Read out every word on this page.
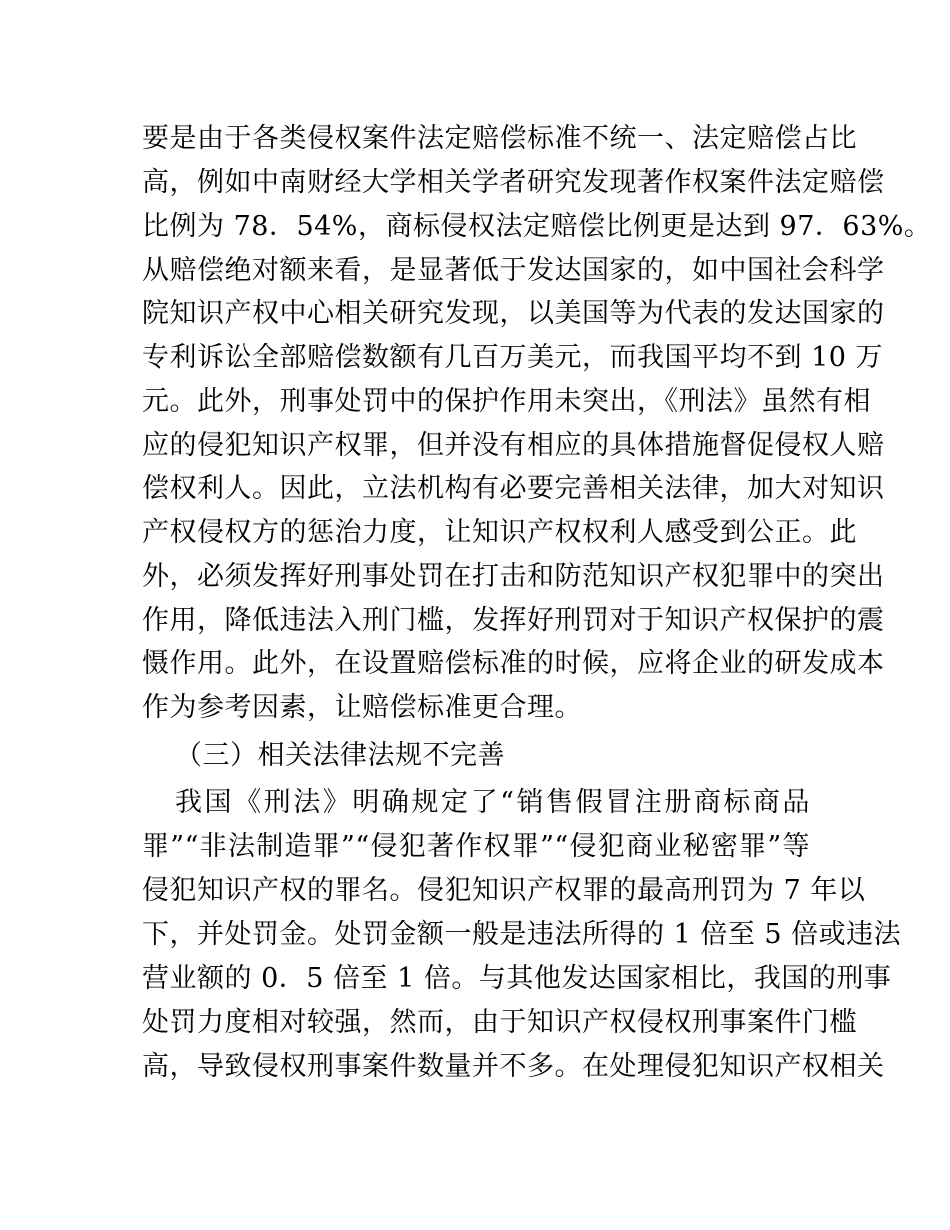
要是由于各类侵权案件法定赔偿标准不统一、法定赔偿占比
高，例如中南财经大学相关学者研究发现著作权案件法定赔偿
比例为 78．54%，商标侵权法定赔偿比例更是达到 97．63%。
从赔偿绝对额来看，是显著低于发达国家的，如中国社会科学
院知识产权中心相关研究发现，以美国等为代表的发达国家的
专利诉讼全部赔偿数额有几百万美元，而我国平均不到 10 万
元。此外，刑事处罚中的保护作用未突出，《刑法》虽然有相
应的侵犯知识产权罪，但并没有相应的具体措施督促侵权人赔
偿权利人。因此，立法机构有必要完善相关法律，加大对知识
产权侵权方的惩治力度，让知识产权权利人感受到公正。此
外，必须发挥好刑事处罚在打击和防范知识产权犯罪中的突出
作用，降低违法入刑门槛，发挥好刑罚对于知识产权保护的震
慑作用。此外，在设置赔偿标准的时候，应将企业的研发成本
作为参考因素，让赔偿标准更合理。
（三）相关法律法规不完善
我国《刑法》明确规定了“销售假冒注册商标商品
罪”“非法制造罪”“侵犯著作权罪”“侵犯商业秘密罪”等
侵犯知识产权的罪名。侵犯知识产权罪的最高刑罚为 7 年以
下，并处罚金。处罚金额一般是违法所得的 1 倍至 5 倍或违法
营业额的 0．5 倍至 1 倍。与其他发达国家相比，我国的刑事
处罚力度相对较强，然而，由于知识产权侵权刑事案件门槛
高，导致侵权刑事案件数量并不多。在处理侵犯知识产权相关
